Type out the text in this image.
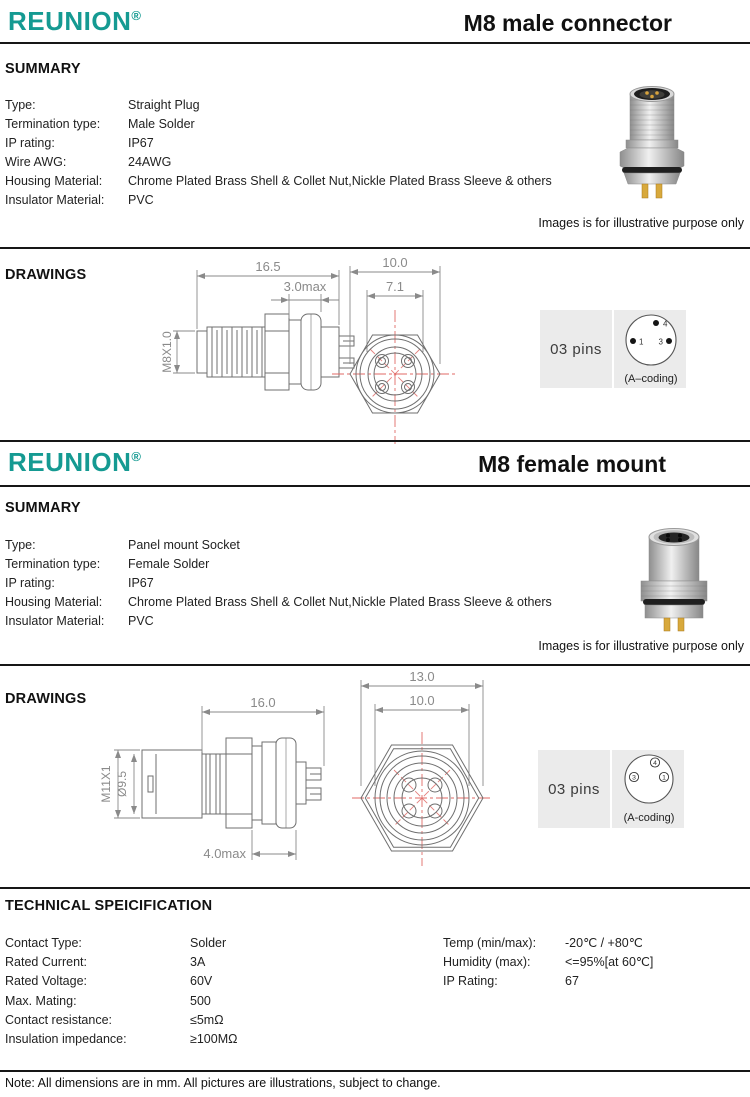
REUNION®	M8 male connector
SUMMARY
Type:	Straight Plug
Termination type:	Male Solder
IP rating:	IP67
Wire AWG:	24AWG
Housing Material:	Chrome Plated Brass Shell & Collet Nut,Nickle Plated Brass Sleeve & others
Insulator Material:	PVC
Images is for illustrative purpose only
DRAWINGS
16.5
3.0max
M8X1.0
10.0
7.1
03 pins
4
1 3
(A–coding)
REUNION®	M8 female mount
SUMMARY
Type:	Panel mount Socket
Termination type:	Female Solder
IP rating:	IP67
Housing Material:	Chrome Plated Brass Shell & Collet Nut,Nickle Plated Brass Sleeve & others
Insulator Material:	PVC
Images is for illustrative purpose only
DRAWINGS	16.0
M11X1 Ø9.5
4.0max
13.0
10.0
03 pins
4
3	1
(A-coding)
TECHNICAL SPEICIFICATION
Contact Type:	Solder
Rated Current:	3A
Rated Voltage:	60V
Max. Mating:	500
Contact resistance:	≤5mΩ
Insulation impedance:	≥100MΩ
Temp (min/max):	-20℃ / +80℃
Humidity (max):	<=95%[at 60℃]
IP Rating:	67
Note: All dimensions are in mm. All pictures are illustrations, subject to change.
